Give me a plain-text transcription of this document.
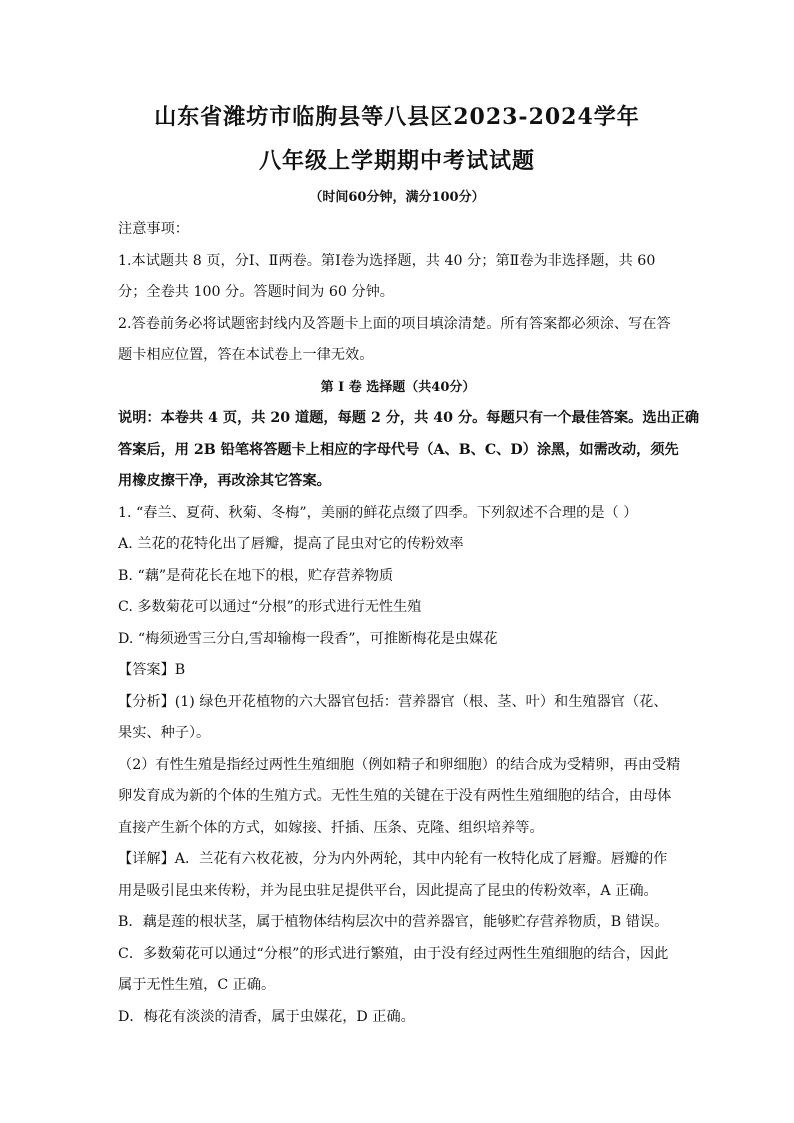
山东省潍坊市临朐县等八县区2023-2024学年
八年级上学期期中考试试题
（时间60分钟，满分100分）
注意事项：
1.本试题共 8 页，分Ⅰ、Ⅱ两卷。第Ⅰ卷为选择题，共 40 分；第Ⅱ卷为非选择题，共 60
分；全卷共 100 分。答题时间为 60 分钟。
2.答卷前务必将试题密封线内及答题卡上面的项目填涂清楚。所有答案都必须涂、写在答
题卡相应位置，答在本试卷上一律无效。
第 Ⅰ 卷 选择题（共40分）
说明：本卷共 4 页，共 20 道题，每题 2 分，共 40 分。每题只有一个最佳答案。选出正确
答案后，用 2B 铅笔将答题卡上相应的字母代号（A、B、C、D）涂黑，如需改动，须先
用橡皮擦干净，再改涂其它答案。
1. “春兰、夏荷、秋菊、冬梅”，美丽的鲜花点缀了四季。下列叙述不合理的是（ ）
A. 兰花的花特化出了唇瓣，提高了昆虫对它的传粉效率
B. “藕”是荷花长在地下的根，贮存营养物质
C. 多数菊花可以通过“分根”的形式进行无性生殖
D. “梅须逊雪三分白,雪却输梅一段香”，可推断梅花是虫媒花
【答案】B
【分析】(1) 绿色开花植物的六大器官包括：营养器官（根、茎、叶）和生殖器官（花、
果实、种子）。
（2）有性生殖是指经过两性生殖细胞（例如精子和卵细胞）的结合成为受精卵，再由受精
卵发育成为新的个体的生殖方式。无性生殖的关键在于没有两性生殖细胞的结合，由母体
直接产生新个体的方式，如嫁接、扦插、压条、克隆、组织培养等。
【详解】A．兰花有六枚花被，分为内外两轮，其中内轮有一枚特化成了唇瓣。唇瓣的作
用是吸引昆虫来传粉，并为昆虫驻足提供平台，因此提高了昆虫的传粉效率，A 正确。
B．藕是莲的根状茎，属于植物体结构层次中的营养器官，能够贮存营养物质，B 错误。
C．多数菊花可以通过“分根”的形式进行繁殖，由于没有经过两性生殖细胞的结合，因此
属于无性生殖，C 正确。
D．梅花有淡淡的清香，属于虫媒花，D 正确。
